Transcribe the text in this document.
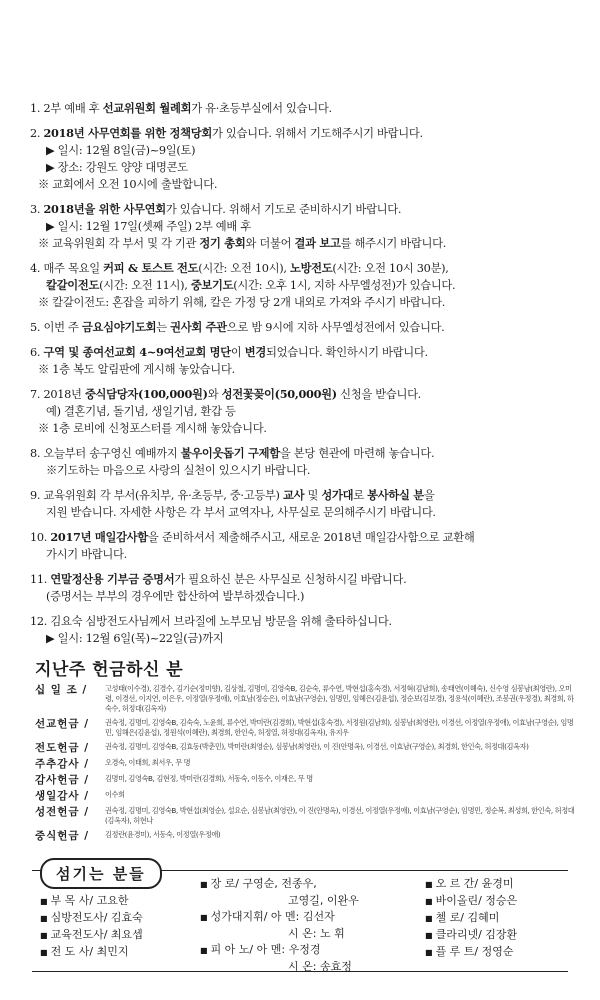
1. 2부 예배 후 선교위원회 월례회가 유·초등부실에서 있습니다.

2. 2018년 사무연회를 위한 정책당회가 있습니다. 위해서 기도해주시기 바랍니다.

▶ 일시: 12월 8일(금)~9일(토)

▶ 장소: 강원도 양양 대명콘도

※ 교회에서 오전 10시에 출발합니다.

3. 2018년을 위한 사무연회가 있습니다. 위해서 기도로 준비하시기 바랍니다.

▶ 일시: 12월 17일(셋째 주일) 2부 예배 후

※ 교육위원회 각 부서 및 각 기관 정기 총회와 더불어 결과 보고를 해주시기 바랍니다.

4. 매주 목요일 커피 & 토스트 전도(시간: 오전 10시), 노방전도(시간: 오전 10시 30분),

칼갈이전도(시간: 오전 11시), 중보기도(시간: 오후 1시, 지하 사무엘성전)가 있습니다.

※ 칼갈이전도: 혼잡을 피하기 위해, 칼은 가정 당 2개 내외로 가져와 주시기 바랍니다.

5. 이번 주 금요심야기도회는 권사회 주관으로 밤 9시에 지하 사무엘성전에서 있습니다.

6. 구역 및 종여선교회 4~9여선교회 명단이 변경되었습니다. 확인하시기 바랍니다.

※ 1층 복도 알림판에 게시해 놓았습니다.

7. 2018년 중식담당자(100,000원)와 성전꽃꽂이(50,000원) 신청을 받습니다.

예) 결혼기념, 돌기념, 생일기념, 환갑 등

※ 1층 로비에 신청포스터를 게시해 놓았습니다.

8. 오늘부터 송구영신 예배까지 불우이웃돕기 구제함을 본당 현관에 마련해 놓습니다.

※기도하는 마음으로 사랑의 실천이 있으시기 바랍니다.

9. 교육위원회 각 부서(유치부, 유·초등부, 중·고등부) 교사 및 성가대로 봉사하실 분을

지원 받습니다. 자세한 사항은 각 부서 교역자나, 사무실로 문의해주시기 바랍니다.

10. 2017년 매일감사함을 준비하셔서 제출해주시고, 새로운 2018년 매일감사함으로 교환해

가시기 바랍니다.

11. 연말정산용 기부금 증명서가 필요하신 분은 사무실로 신청하시길 바랍니다.

(증명서는 부부의 경우에만 합산하여 발부하겠습니다.)

12. 김요숙 심방전도사님께서 브라질에 노부모님 방문을 위해 출타하십니다.

▶ 일시: 12월 6일(목)~22일(금)까지

지난주 헌금하신 분
십 일 조 /	고성태(이수경), 김경수, 김기순(정미향), 김상철, 김명미, 김영숙B, 김순숙, 류수연, 박현섭(홍숙경), 서정혁(김남희), 송태연(이혜숙), 신수영 심봉남(최영란), 오미령, 이경선, 이지연, 이은우, 이정열(우정애), 이효남(정승은), 이효남(구영순), 임명민, 임혜은(김윤섭), 정순보(김보경), 정용석(이혜란), 조봉권(우정경), 최경희, 하숙수, 허정대(김옥자)
선교헌금 /	권숙정, 김명미, 김영숙B, 김숙숙, 노윤희, 류수연, 박미란(김경희), 박현섭(홍숙경), 서정원(김남희), 심봉남(최영란), 이경선, 이정열(우정애), 이효남(구영순), 임명민, 임해은(김윤섭), 정원석(이혜란), 최경희, 한인숙, 허정열, 허정대(김옥자), 유지우
전도헌금 /	권숙정, 김명미, 김영숙B, 김효동(박춘민), 박미란(최영순), 심봉남(최영란), 이 진(안명옥), 이경선, 이효남(구영순), 최경희, 한인숙, 허정대(김옥자)
주추감사 /	오경숙, 이태희, 최서우, 무 명
감사헌금 /	김명미, 김영숙B, 김현정, 박미란(김경희), 서동숙, 이동수, 이재은, 무 명
생일감사 /	이수희
성전헌금 /	권숙정, 김명미, 김영숙B, 박현섭(최영순), 설요순, 심봉남(최영란), 이 진(안명옥), 이경선, 이정열(우정애), 이효남(구영순), 임명민, 정순복, 최성희, 한인숙, 허정대(김옥자), 허현나
중식헌금 /	김정란(윤경미), 서동숙, 이정열(우정애)
섬기는 분들
■ 부 목 사/ 고요한
■ 심방전도사/ 김효숙
■ 교육전도사/ 최요셉
■ 전 도 사/ 최민지
■ 장 로/ 구영순, 전종우,
고영길, 이완우
■ 성가대지휘/ 아 멘: 김선자
시 온: 노 휘
■ 피 아 노/ 아 멘: 우정경
시 온: 송효정
■ 오 르 간/ 윤경미
■ 바이올린/ 정승은
■ 첼 로/ 김혜미
■ 클라리넷/ 김장환
■ 플 루 트/ 정영순
